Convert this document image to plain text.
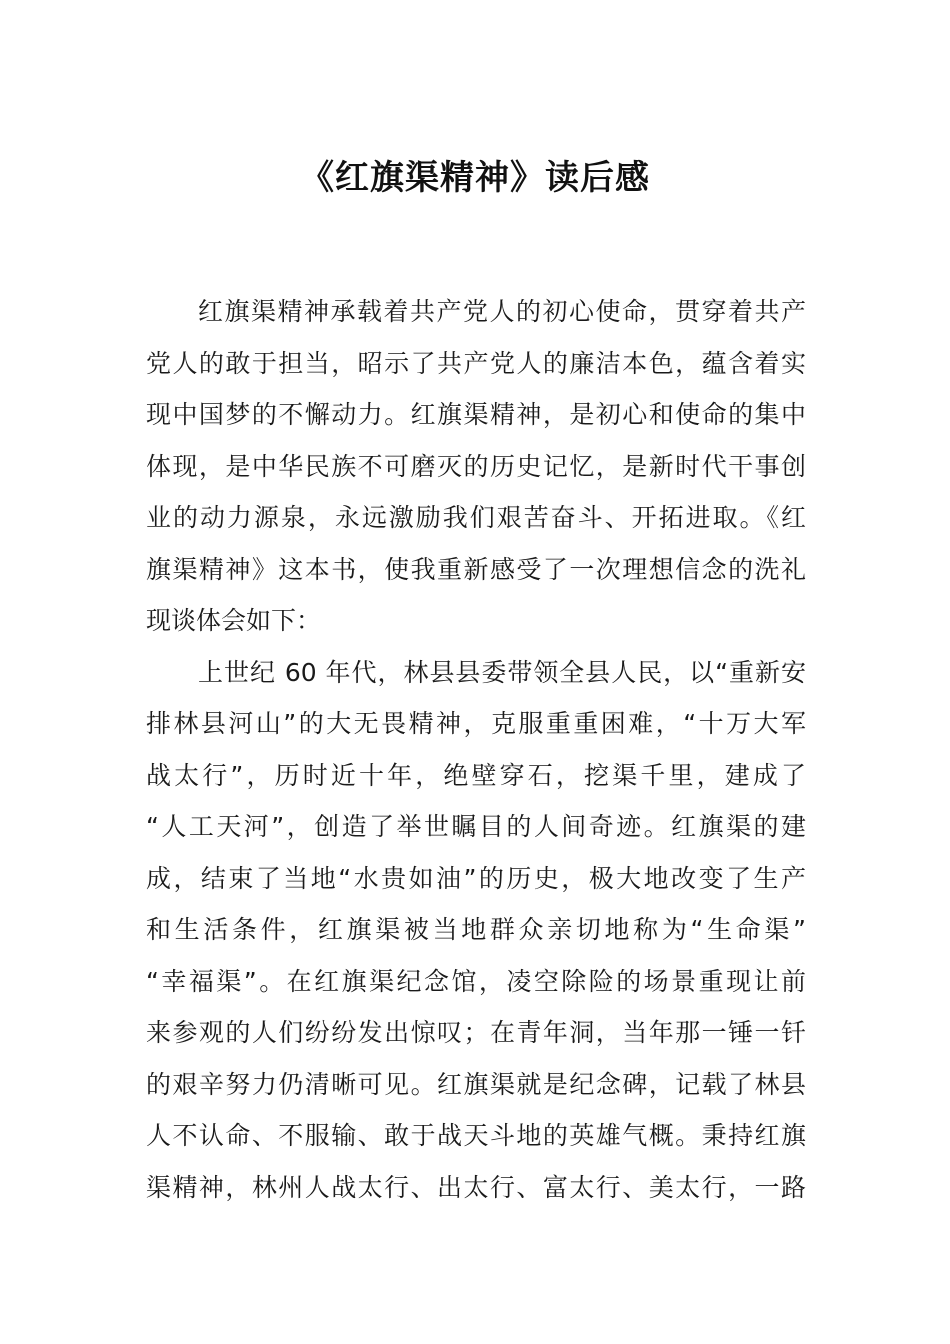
《红旗渠精神》读后感
红旗渠精神承载着共产党人的初心使命，贯穿着共产
党人的敢于担当，昭示了共产党人的廉洁本色，蕴含着实
现中国梦的不懈动力。红旗渠精神，是初心和使命的集中
体现，是中华民族不可磨灭的历史记忆，是新时代干事创
业的动力源泉，永远激励我们艰苦奋斗、开拓进取。《红
旗渠精神》这本书，使我重新感受了一次理想信念的洗礼
现谈体会如下：
上世纪 60 年代，林县县委带领全县人民，以“重新安
排林县河山”的大无畏精神，克服重重困难，“十万大军
战太行”，历时近十年，绝壁穿石，挖渠千里，建成了
“人工天河”，创造了举世瞩目的人间奇迹。红旗渠的建
成，结束了当地“水贵如油”的历史，极大地改变了生产
和生活条件，红旗渠被当地群众亲切地称为“生命渠”
“幸福渠”。在红旗渠纪念馆，凌空除险的场景重现让前
来参观的人们纷纷发出惊叹；在青年洞，当年那一锤一钎
的艰辛努力仍清晰可见。红旗渠就是纪念碑，记载了林县
人不认命、不服输、敢于战天斗地的英雄气概。秉持红旗
渠精神，林州人战太行、出太行、富太行、美太行，一路
